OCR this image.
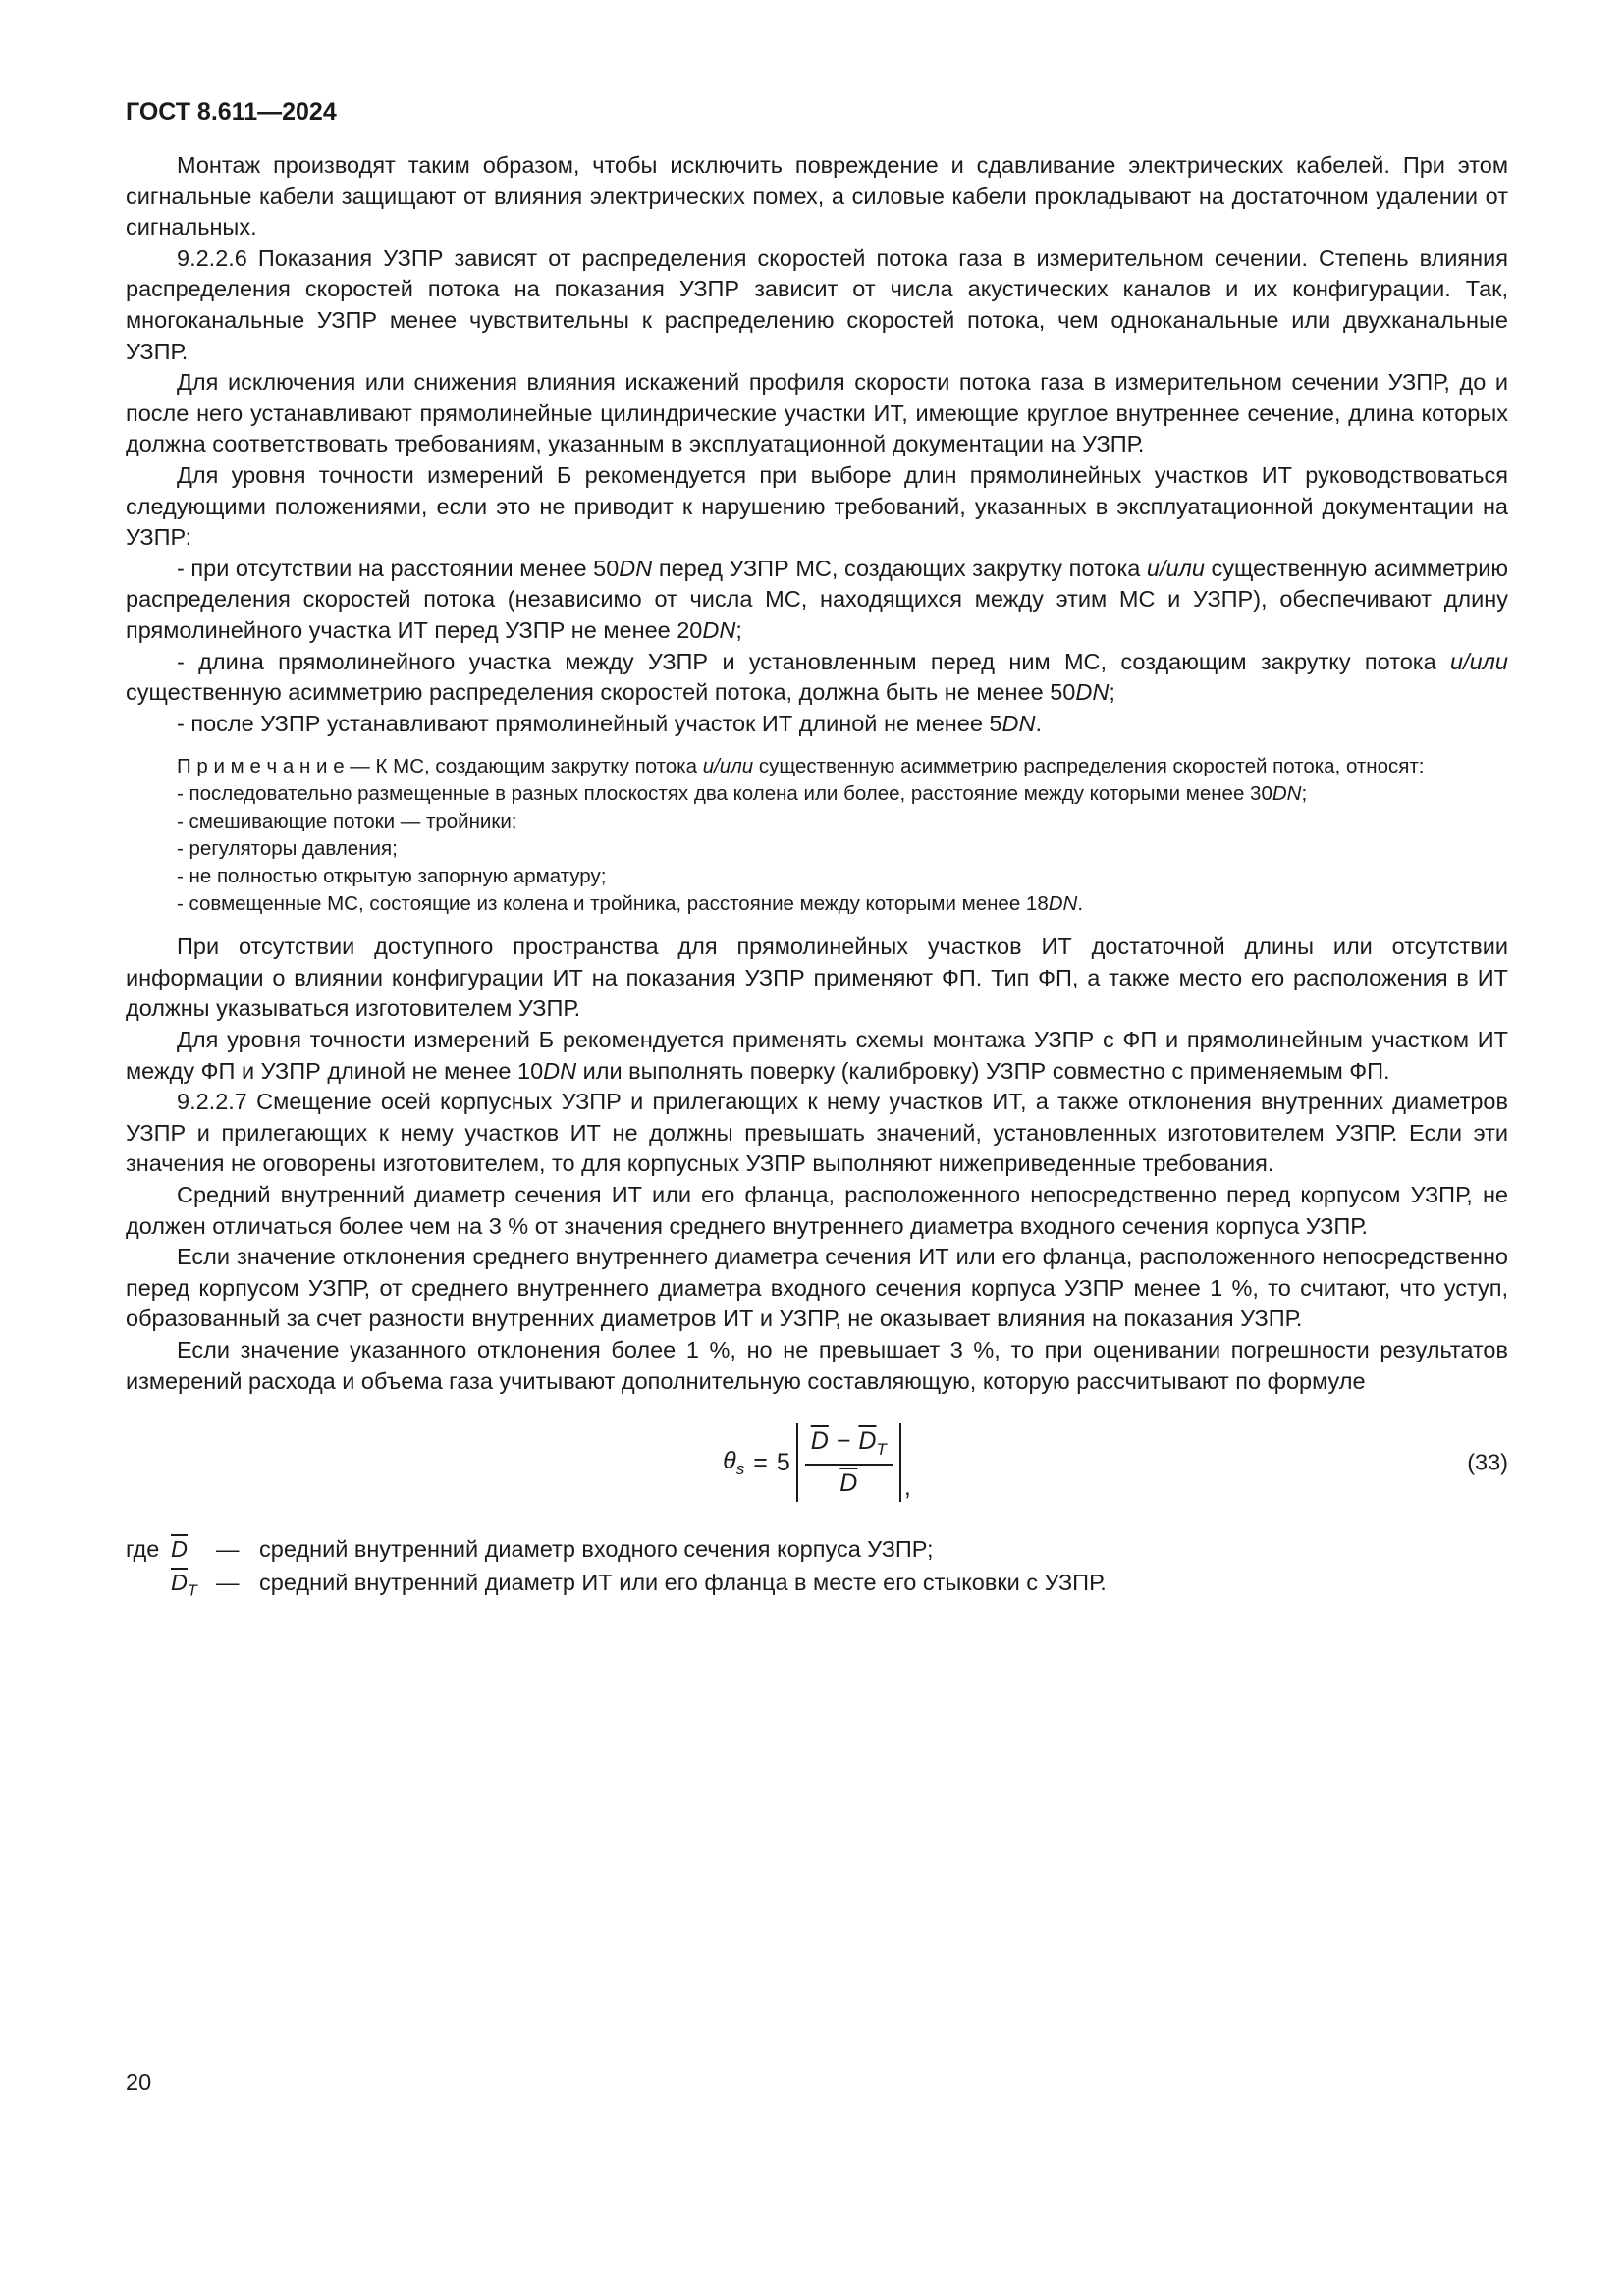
ГОСТ 8.611—2024

Монтаж производят таким образом, чтобы исключить повреждение и сдавливание электрических кабелей. При этом сигнальные кабели защищают от влияния электрических помех, а силовые кабели прокладывают на достаточном удалении от сигнальных.

9.2.2.6 Показания УЗПР зависят от распределения скоростей потока газа в измерительном сечении. Степень влияния распределения скоростей потока на показания УЗПР зависит от числа акустических каналов и их конфигурации. Так, многоканальные УЗПР менее чувствительны к распределению скоростей потока, чем одноканальные или двухканальные УЗПР.

Для исключения или снижения влияния искажений профиля скорости потока газа в измерительном сечении УЗПР, до и после него устанавливают прямолинейные цилиндрические участки ИТ, имеющие круглое внутреннее сечение, длина которых должна соответствовать требованиям, указанным в эксплуатационной документации на УЗПР.

Для уровня точности измерений Б рекомендуется при выборе длин прямолинейных участков ИТ руководствоваться следующими положениями, если это не приводит к нарушению требований, указанных в эксплуатационной документации на УЗПР:

- при отсутствии на расстоянии менее 50DN перед УЗПР МС, создающих закрутку потока и/или существенную асимметрию распределения скоростей потока (независимо от числа МС, находящихся между этим МС и УЗПР), обеспечивают длину прямолинейного участка ИТ перед УЗПР не менее 20DN;

- длина прямолинейного участка между УЗПР и установленным перед ним МС, создающим закрутку потока и/или существенную асимметрию распределения скоростей потока, должна быть не менее 50DN;

- после УЗПР устанавливают прямолинейный участок ИТ длиной не менее 5DN.

П р и м е ч а н и е — К МС, создающим закрутку потока и/или существенную асимметрию распределения скоростей потока, относят:

- последовательно размещенные в разных плоскостях два колена или более, расстояние между которыми менее 30DN;

- смешивающие потоки — тройники;

- регуляторы давления;

- не полностью открытую запорную арматуру;

- совмещенные МС, состоящие из колена и тройника, расстояние между которыми менее 18DN.

При отсутствии доступного пространства для прямолинейных участков ИТ достаточной длины или отсутствии информации о влиянии конфигурации ИТ на показания УЗПР применяют ФП. Тип ФП, а также место его расположения в ИТ должны указываться изготовителем УЗПР.

Для уровня точности измерений Б рекомендуется применять схемы монтажа УЗПР с ФП и прямолинейным участком ИТ между ФП и УЗПР длиной не менее 10DN или выполнять поверку (калибровку) УЗПР совместно с применяемым ФП.

9.2.2.7 Смещение осей корпусных УЗПР и прилегающих к нему участков ИТ, а также отклонения внутренних диаметров УЗПР и прилегающих к нему участков ИТ не должны превышать значений, установленных изготовителем УЗПР. Если эти значения не оговорены изготовителем, то для корпусных УЗПР выполняют нижеприведенные требования.

Средний внутренний диаметр сечения ИТ или его фланца, расположенного непосредственно перед корпусом УЗПР, не должен отличаться более чем на 3 % от значения среднего внутреннего диаметра входного сечения корпуса УЗПР.

Если значение отклонения среднего внутреннего диаметра сечения ИТ или его фланца, расположенного непосредственно перед корпусом УЗПР, от среднего внутреннего диаметра входного сечения корпуса УЗПР менее 1 %, то считают, что уступ, образованный за счет разности внутренних диаметров ИТ и УЗПР, не оказывает влияния на показания УЗПР.

Если значение указанного отклонения более 1 %, но не превышает 3 %, то при оценивании погрешности результатов измерений расхода и объема газа учитывают дополнительную составляющую, которую рассчитывают по формуле

$\theta_s = 5 \frac{\overline{D} - \overline{D}_T}{D}$ ,
(33)
где $\overline{D}$	— средний внутренний диаметр входного сечения корпуса УЗПР;
$\overline{D}_T$ — средний внутренний диаметр ИТ или его фланца в месте его стыковки с УЗПР.
20
